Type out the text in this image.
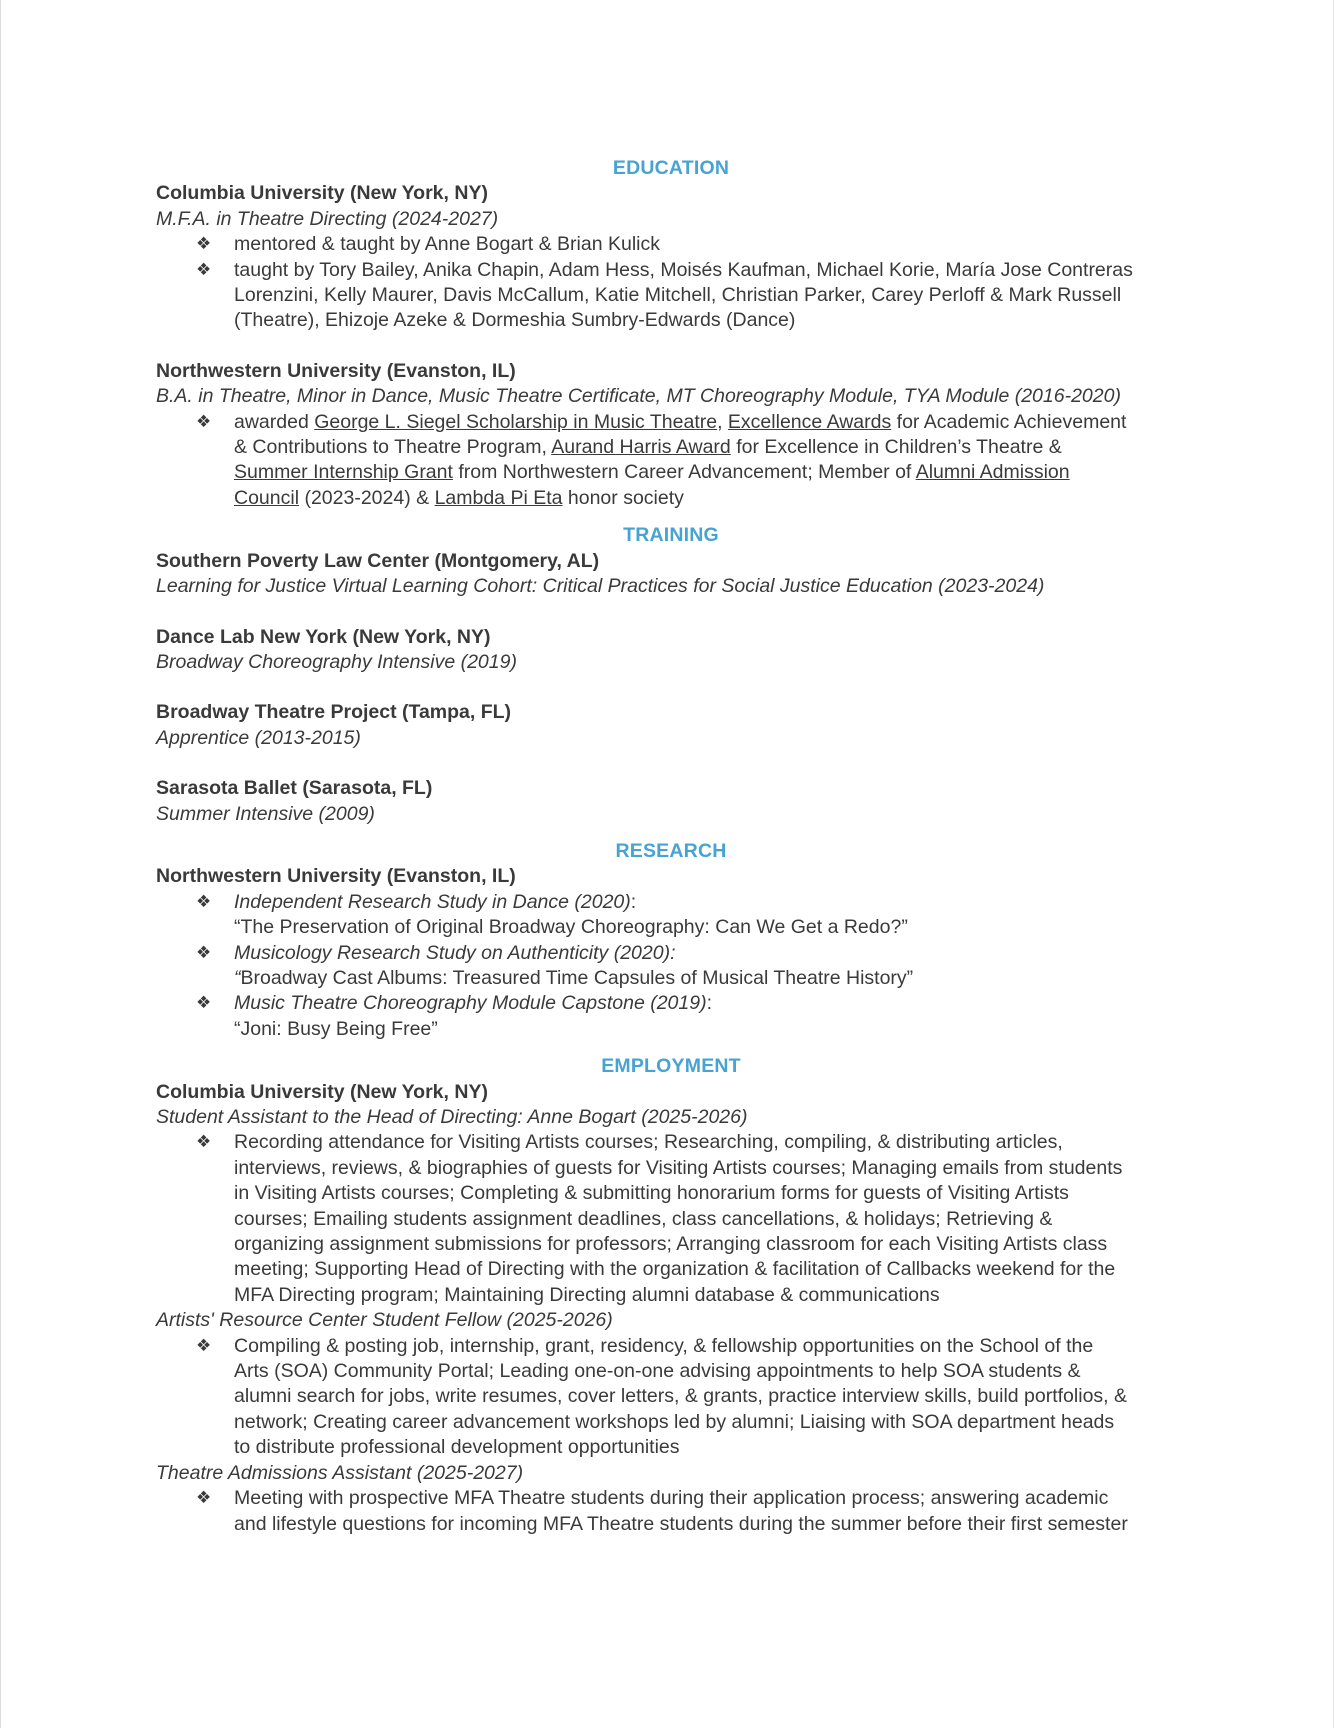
EDUCATION
Columbia University (New York, NY)
M.F.A. in Theatre Directing (2024-2027)
❖ mentored & taught by Anne Bogart & Brian Kulick
❖ taught by Tory Bailey, Anika Chapin, Adam Hess, Moisés Kaufman, Michael Korie, María Jose Contreras
Lorenzini, Kelly Maurer, Davis McCallum, Katie Mitchell, Christian Parker, Carey Perloff & Mark Russell
(Theatre), Ehizoje Azeke & Dormeshia Sumbry-Edwards (Dance)
Northwestern University (Evanston, IL)
B.A. in Theatre, Minor in Dance, Music Theatre Certificate, MT Choreography Module, TYA Module (2016-2020)
❖ awarded George L. Siegel Scholarship in Music Theatre, Excellence Awards for Academic Achievement
& Contributions to Theatre Program, Aurand Harris Award for Excellence in Children’s Theatre &
Summer Internship Grant from Northwestern Career Advancement; Member of Alumni Admission
Council (2023-2024) & Lambda Pi Eta honor society
TRAINING
Southern Poverty Law Center (Montgomery, AL)
Learning for Justice Virtual Learning Cohort: Critical Practices for Social Justice Education (2023-2024)
Dance Lab New York (New York, NY)
Broadway Choreography Intensive (2019)
Broadway Theatre Project (Tampa, FL)
Apprentice (2013-2015)
Sarasota Ballet (Sarasota, FL)
Summer Intensive (2009)
RESEARCH
Northwestern University (Evanston, IL)
❖ Independent Research Study in Dance (2020):
“The Preservation of Original Broadway Choreography: Can We Get a Redo?”
❖ Musicology Research Study on Authenticity (2020):
“Broadway Cast Albums: Treasured Time Capsules of Musical Theatre History”
❖ Music Theatre Choreography Module Capstone (2019):
“Joni: Busy Being Free”
EMPLOYMENT
Columbia University (New York, NY)
Student Assistant to the Head of Directing: Anne Bogart (2025-2026)
❖ Recording attendance for Visiting Artists courses; Researching, compiling, & distributing articles,
interviews, reviews, & biographies of guests for Visiting Artists courses; Managing emails from students
in Visiting Artists courses; Completing & submitting honorarium forms for guests of Visiting Artists
courses; Emailing students assignment deadlines, class cancellations, & holidays; Retrieving &
organizing assignment submissions for professors; Arranging classroom for each Visiting Artists class
meeting; Supporting Head of Directing with the organization & facilitation of Callbacks weekend for the
MFA Directing program; Maintaining Directing alumni database & communications
Artists' Resource Center Student Fellow (2025-2026)
❖ Compiling & posting job, internship, grant, residency, & fellowship opportunities on the School of the
Arts (SOA) Community Portal; Leading one-on-one advising appointments to help SOA students &
alumni search for jobs, write resumes, cover letters, & grants, practice interview skills, build portfolios, &
network; Creating career advancement workshops led by alumni; Liaising with SOA department heads
to distribute professional development opportunities
Theatre Admissions Assistant (2025-2027)
❖ Meeting with prospective MFA Theatre students during their application process; answering academic
and lifestyle questions for incoming MFA Theatre students during the summer before their first semester
